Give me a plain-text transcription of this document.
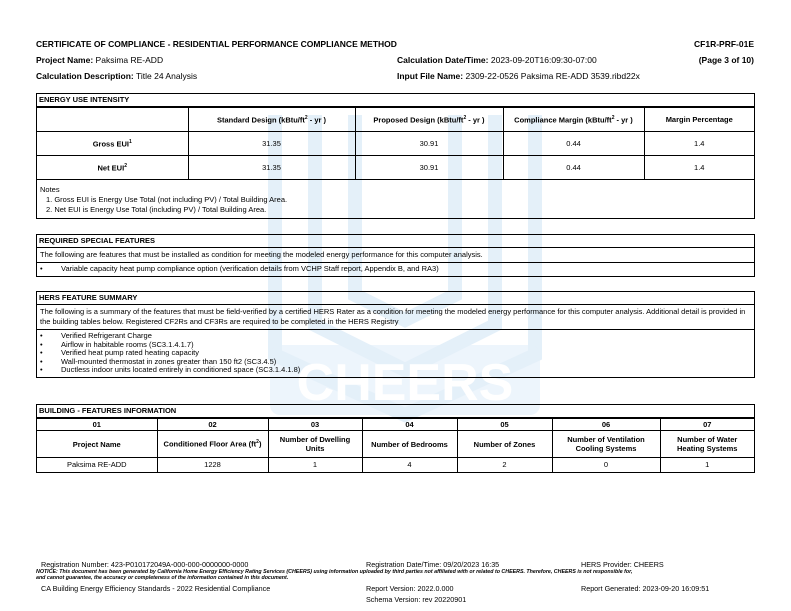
CHEERS
CERTIFICATE OF COMPLIANCE - RESIDENTIAL PERFORMANCE COMPLIANCE METHOD	CF1R-PRF-01E
Project Name: Paksima RE-ADD	Calculation Date/Time: 2023-09-20T16:09:30-07:00	(Page 3 of 10)
Calculation Description: Title 24 Analysis	Input File Name: 2309-22-0526 Paksima RE-ADD 3539.ribd22x
ENERGY USE INTENSITY
	Standard Design ($kBtu/ft^2$ - yr )	Proposed Design ($kBtu/ft^2$ - yr )	Compliance Margin ($kBtu/ft^2$ - yr )	Margin Percentage
Gross EUI$^1$	31.35	30.91	0.44	1.4
Net EUI$^2$	31.35	30.91	0.44	1.4
Notes
1. Gross EUI is Energy Use Total (not including PV) / Total Building Area.
2. Net EUI is Energy Use Total (including PV) / Total Building Area.
REQUIRED SPECIAL FEATURES
The following are features that must be installed as condition for meeting the modeled energy performance for this computer analysis.
•	Variable capacity heat pump compliance option (verification details from VCHP Staff report, Appendix B, and RA3)
HERS FEATURE SUMMARY
The following is a summary of the features that must be field-verified by a certified HERS Rater as a condition for meeting the modeled energy performance for this computer analysis. Additional detail is provided in the building tables below. Registered CF2Rs and CF3Rs are required to be completed in the HERS Registry
•	Verified Refrigerant Charge
•	Airflow in habitable rooms (SC3.1.4.1.7)
•	Verified heat pump rated heating capacity
•	Wall-mounted thermostat in zones greater than 150 ft2 (SC3.4.5)
•	Ductless indoor units located entirely in conditioned space (SC3.1.4.1.8)
BUILDING - FEATURES INFORMATION
01	02	03	04	05	06	07
Project Name	Conditioned Floor Area $(ft^2)$	Number of Dwelling Units	Number of Bedrooms	Number of Zones	Number of Ventilation Cooling Systems	Number of Water Heating Systems
Paksima RE-ADD	1228	1	4	2	0	1
Registration Number: 423-P010172049A-000-000-0000000-0000	Registration Date/Time: 09/20/2023 16:35	HERS Provider: CHEERS
NOTICE: This document has been generated by California Home Energy Efficiency Rating Services (CHEERS) using information uploaded by third parties not affiliated with or related to CHEERS. Therefore, CHEERS is not responsible for,
and cannot guarantee, the accuracy or completeness of the information contained in this document.
CA Building Energy Efficiency Standards - 2022 Residential Compliance	Report Version: 2022.0.000	Report Generated: 2023-09-20 16:09:51
Schema Version: rev 20220901
